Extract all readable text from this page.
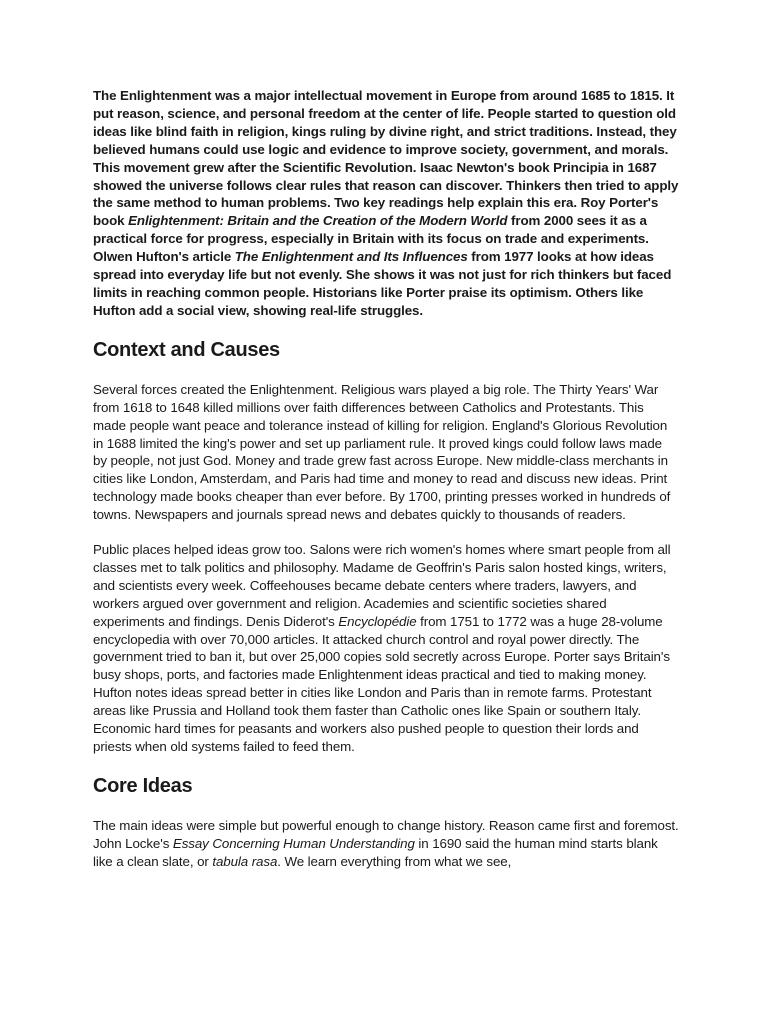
The Enlightenment was a major intellectual movement in Europe from around 1685 to 1815. It put reason, science, and personal freedom at the center of life. People started to question old ideas like blind faith in religion, kings ruling by divine right, and strict traditions. Instead, they believed humans could use logic and evidence to improve society, government, and morals. This movement grew after the Scientific Revolution. Isaac Newton's book Principia in 1687 showed the universe follows clear rules that reason can discover. Thinkers then tried to apply the same method to human problems. Two key readings help explain this era. Roy Porter's book Enlightenment: Britain and the Creation of the Modern World from 2000 sees it as a practical force for progress, especially in Britain with its focus on trade and experiments. Olwen Hufton's article The Enlightenment and Its Influences from 1977 looks at how ideas spread into everyday life but not evenly. She shows it was not just for rich thinkers but faced limits in reaching common people. Historians like Porter praise its optimism. Others like Hufton add a social view, showing real-life struggles.

Context and Causes

Several forces created the Enlightenment. Religious wars played a big role. The Thirty Years' War from 1618 to 1648 killed millions over faith differences between Catholics and Protestants. This made people want peace and tolerance instead of killing for religion. England's Glorious Revolution in 1688 limited the king's power and set up parliament rule. It proved kings could follow laws made by people, not just God. Money and trade grew fast across Europe. New middle-class merchants in cities like London, Amsterdam, and Paris had time and money to read and discuss new ideas. Print technology made books cheaper than ever before. By 1700, printing presses worked in hundreds of towns. Newspapers and journals spread news and debates quickly to thousands of readers.

Public places helped ideas grow too. Salons were rich women's homes where smart people from all classes met to talk politics and philosophy. Madame de Geoffrin's Paris salon hosted kings, writers, and scientists every week. Coffeehouses became debate centers where traders, lawyers, and workers argued over government and religion. Academies and scientific societies shared experiments and findings. Denis Diderot's Encyclopédie from 1751 to 1772 was a huge 28-volume encyclopedia with over 70,000 articles. It attacked church control and royal power directly. The government tried to ban it, but over 25,000 copies sold secretly across Europe. Porter says Britain's busy shops, ports, and factories made Enlightenment ideas practical and tied to making money. Hufton notes ideas spread better in cities like London and Paris than in remote farms. Protestant areas like Prussia and Holland took them faster than Catholic ones like Spain or southern Italy. Economic hard times for peasants and workers also pushed people to question their lords and priests when old systems failed to feed them.

Core Ideas

The main ideas were simple but powerful enough to change history. Reason came first and foremost. John Locke's Essay Concerning Human Understanding in 1690 said the human mind starts blank like a clean slate, or tabula rasa. We learn everything from what we see,
